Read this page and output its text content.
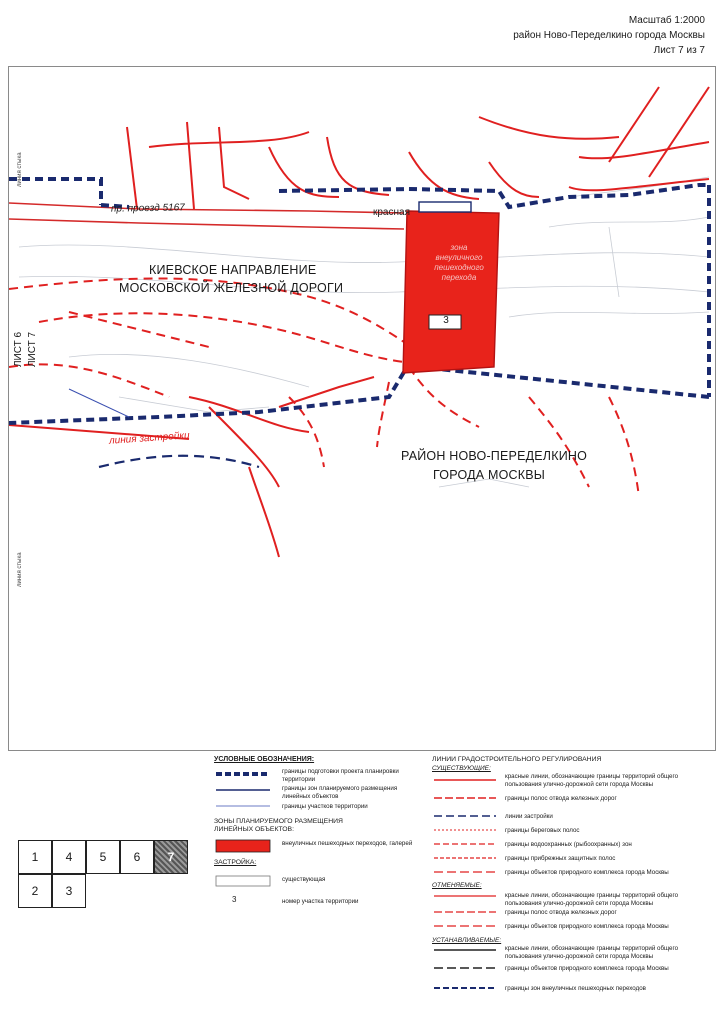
Масштаб 1:2000
район Ново-Переделкино города Москвы
Лист 7 из 7
КИЕВСКОЕ НАПРАВЛЕНИЕ
МОСКОВСКОЙ ЖЕЛЕЗНОЙ ДОРОГИ
РАЙОН НОВО-ПЕРЕДЕЛКИНО
ГОРОДА МОСКВЫ
пр. проезд 5167	красная
зона
внеуличного
пешеходного
перехода
3
ЛИСТ 6 ЛИСТ 7
линия застройки
линия стыка
линия стыка
1	4	5	6	7
2	3
УСЛОВНЫЕ ОБОЗНАЧЕНИЯ:
границы подготовки проекта планировки территории
границы зон планируемого размещения линейных объектов
границы участков территории
ЗОНЫ ПЛАНИРУЕМОГО РАЗМЕЩЕНИЯ ЛИНЕЙНЫХ ОБЪЕКТОВ:
внеуличных пешеходных переходов, галерей
ЗАСТРОЙКА:
существующая
3	номер участка территории
ЛИНИИ ГРАДОСТРОИТЕЛЬНОГО РЕГУЛИРОВАНИЯ
СУЩЕСТВУЮЩИЕ:
красные линии, обозначающие границы территорий общего пользования улично-дорожной сети города Москвы
границы полос отвода железных дорог
линии застройки
границы береговых полос
границы водоохранных (рыбоохранных) зон
границы прибрежных защитных полос
границы объектов природного комплекса города Москвы
ОТМЕНЯЕМЫЕ:
красные линии, обозначающие границы территорий общего пользования улично-дорожной сети города Москвы
границы полос отвода железных дорог
границы объектов природного комплекса города Москвы
УСТАНАВЛИВАЕМЫЕ:
красные линии, обозначающие границы территорий общего пользования улично-дорожной сети города Москвы
границы объектов природного комплекса города Москвы
границы зон внеуличных пешеходных переходов
